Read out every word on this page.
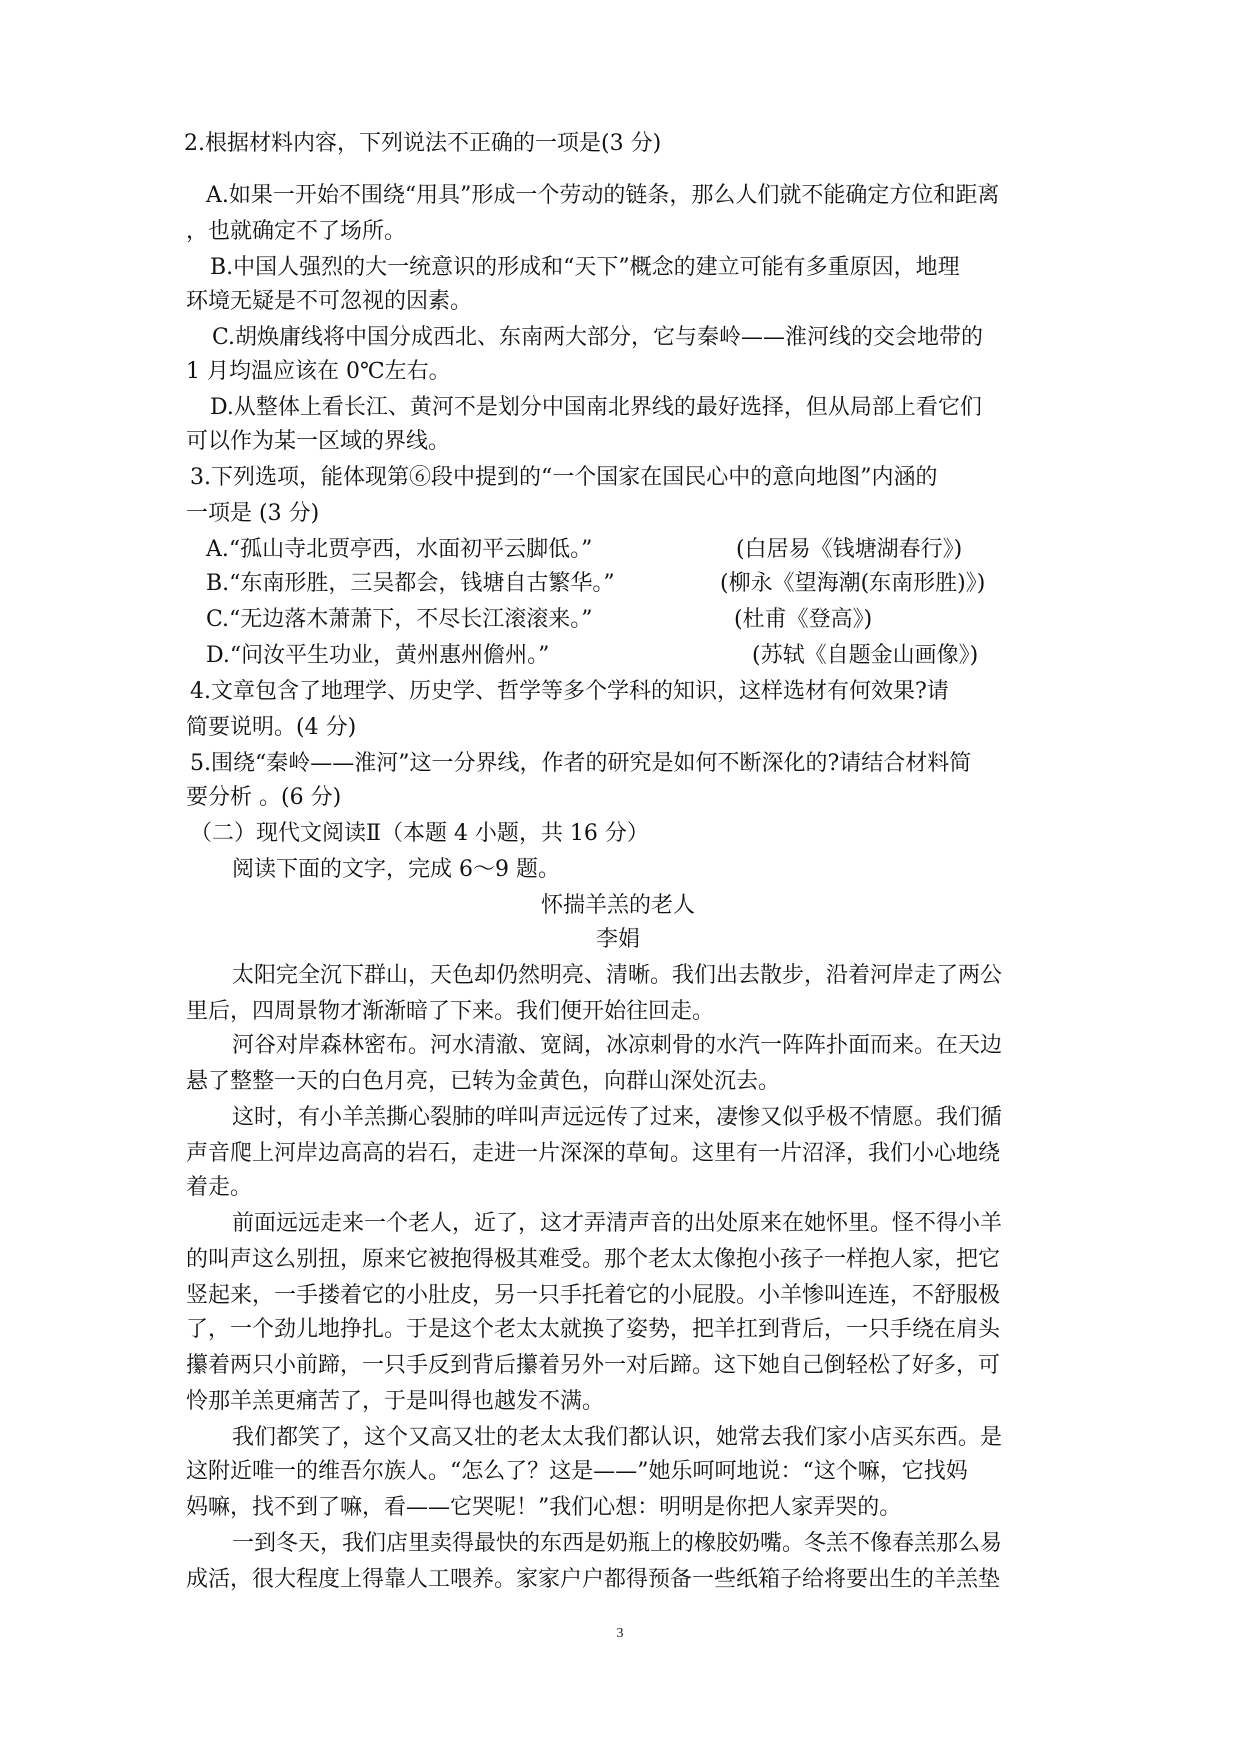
2.根据材料内容，下列说法不正确的一项是(3 分)
A.如果一开始不围绕“用具”形成一个劳动的链条，那么人们就不能确定方位和距离
，也就确定不了场所。
B.中国人强烈的大一统意识的形成和“天下”概念的建立可能有多重原因，地理
环境无疑是不可忽视的因素。
C.胡焕庸线将中国分成西北、东南两大部分，它与秦岭——淮河线的交会地带的
1 月均温应该在 0℃左右。
D.从整体上看长江、黄河不是划分中国南北界线的最好选择，但从局部上看它们
可以作为某一区域的界线。
3.下列选项，能体现第⑥段中提到的“一个国家在国民心中的意向地图”内涵的
一项是 (3 分)
A.“孤山寺北贾亭西，水面初平云脚低。”	(白居易《钱塘湖春行》)
B.“东南形胜，三吴都会，钱塘自古繁华。”	(柳永《望海潮(东南形胜)》)
C.“无边落木萧萧下，不尽长江滚滚来。”	(杜甫《登高》)
D.“问汝平生功业，黄州惠州儋州。”	(苏轼《自题金山画像》)
4.文章包含了地理学、历史学、哲学等多个学科的知识，这样选材有何效果?请
简要说明。(4 分)
5.围绕“秦岭——淮河”这一分界线，作者的研究是如何不断深化的?请结合材料简
要分析 。(6 分)
（二）现代文阅读Ⅱ（本题 4 小题，共 16 分）
阅读下面的文字，完成 6～9 题。
怀揣羊羔的老人
李娟
太阳完全沉下群山，天色却仍然明亮、清晰。我们出去散步，沿着河岸走了两公
里后，四周景物才渐渐暗了下来。我们便开始往回走。
河谷对岸森林密布。河水清澈、宽阔，冰凉刺骨的水汽一阵阵扑面而来。在天边
悬了整整一天的白色月亮，已转为金黄色，向群山深处沉去。
这时，有小羊羔撕心裂肺的咩叫声远远传了过来，凄惨又似乎极不情愿。我们循
声音爬上河岸边高高的岩石，走进一片深深的草甸。这里有一片沼泽，我们小心地绕
着走。
前面远远走来一个老人，近了，这才弄清声音的出处原来在她怀里。怪不得小羊
的叫声这么别扭，原来它被抱得极其难受。那个老太太像抱小孩子一样抱人家，把它
竖起来，一手搂着它的小肚皮，另一只手托着它的小屁股。小羊惨叫连连，不舒服极
了，一个劲儿地挣扎。于是这个老太太就换了姿势，把羊扛到背后，一只手绕在肩头
攥着两只小前蹄，一只手反到背后攥着另外一对后蹄。这下她自己倒轻松了好多，可
怜那羊羔更痛苦了，于是叫得也越发不满。
我们都笑了，这个又高又壮的老太太我们都认识，她常去我们家小店买东西。是
这附近唯一的维吾尔族人。“怎么了？这是——”她乐呵呵地说：“这个嘛，它找妈
妈嘛，找不到了嘛，看——它哭呢！”我们心想：明明是你把人家弄哭的。
一到冬天，我们店里卖得最快的东西是奶瓶上的橡胶奶嘴。冬羔不像春羔那么易
成活，很大程度上得靠人工喂养。家家户户都得预备一些纸箱子给将要出生的羊羔垫
3
